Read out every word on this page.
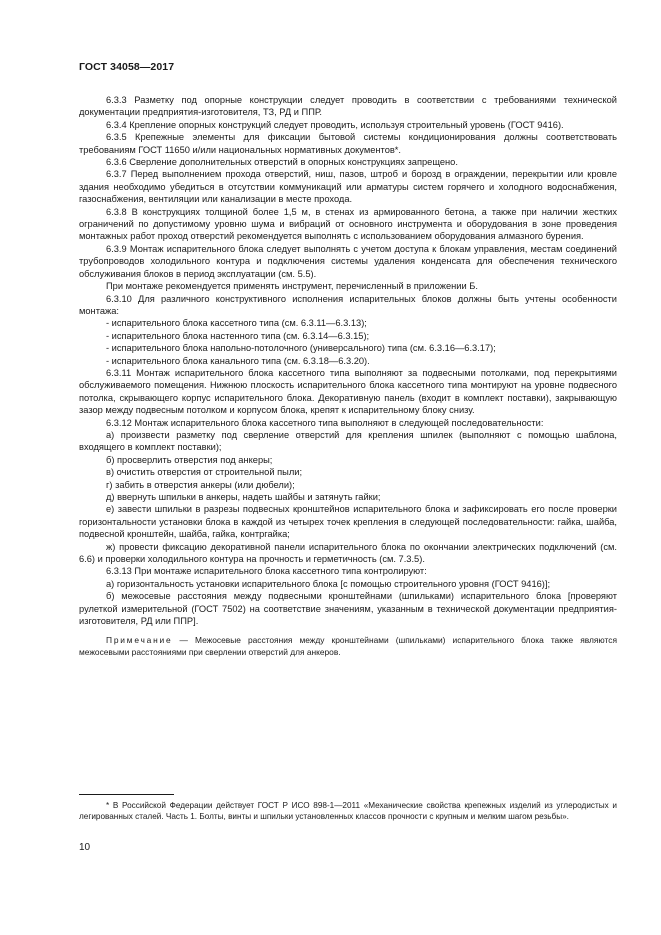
ГОСТ 34058—2017

6.3.3 Разметку под опорные конструкции следует проводить в соответствии с требованиями технической документации предприятия-изготовителя, ТЗ, РД и ППР.

6.3.4 Крепление опорных конструкций следует проводить, используя строительный уровень (ГОСТ 9416).

6.3.5 Крепежные элементы для фиксации бытовой системы кондиционирования должны соответствовать требованиям ГОСТ 11650 и/или национальных нормативных документов*.

6.3.6 Сверление дополнительных отверстий в опорных конструкциях запрещено.

6.3.7 Перед выполнением прохода отверстий, ниш, пазов, штроб и борозд в ограждении, перекрытии или кровле здания необходимо убедиться в отсутствии коммуникаций или арматуры систем горячего и холодного водоснабжения, газоснабжения, вентиляции или канализации в месте прохода.

6.3.8 В конструкциях толщиной более 1,5 м, в стенах из армированного бетона, а также при наличии жестких ограничений по допустимому уровню шума и вибраций от основного инструмента и оборудования в зоне проведения монтажных работ проход отверстий рекомендуется выполнять с использованием оборудования алмазного бурения.

6.3.9 Монтаж испарительного блока следует выполнять с учетом доступа к блокам управления, местам соединений трубопроводов холодильного контура и подключения системы удаления конденсата для обеспечения технического обслуживания блоков в период эксплуатации (см. 5.5).

При монтаже рекомендуется применять инструмент, перечисленный в приложении Б.

6.3.10 Для различного конструктивного исполнения испарительных блоков должны быть учтены особенности монтажа:

- испарительного блока кассетного типа (см. 6.3.11—6.3.13);

- испарительного блока настенного типа (см. 6.3.14—6.3.15);

- испарительного блока напольно-потолочного (универсального) типа (см. 6.3.16—6.3.17);

- испарительного блока канального типа (см. 6.3.18—6.3.20).

6.3.11 Монтаж испарительного блока кассетного типа выполняют за подвесными потолками, под перекрытиями обслуживаемого помещения. Нижнюю плоскость испарительного блока кассетного типа монтируют на уровне подвесного потолка, скрывающего корпус испарительного блока. Декоративную панель (входит в комплект поставки), закрывающую зазор между подвесным потолком и корпусом блока, крепят к испарительному блоку снизу.

6.3.12 Монтаж испарительного блока кассетного типа выполняют в следующей последовательности:

а) произвести разметку под сверление отверстий для крепления шпилек (выполняют с помощью шаблона, входящего в комплект поставки);

б) просверлить отверстия под анкеры;

в) очистить отверстия от строительной пыли;

г) забить в отверстия анкеры (или дюбели);

д) ввернуть шпильки в анкеры, надеть шайбы и затянуть гайки;

е) завести шпильки в разрезы подвесных кронштейнов испарительного блока и зафиксировать его после проверки горизонтальности установки блока в каждой из четырех точек крепления в следующей последовательности: гайка, шайба, подвесной кронштейн, шайба, гайка, контргайка;

ж) провести фиксацию декоративной панели испарительного блока по окончании электрических подключений (см. 6.6) и проверки холодильного контура на прочность и герметичность (см. 7.3.5).

6.3.13 При монтаже испарительного блока кассетного типа контролируют:

а) горизонтальность установки испарительного блока [с помощью строительного уровня (ГОСТ 9416)];

б) межосевые расстояния между подвесными кронштейнами (шпильками) испарительного блока [проверяют рулеткой измерительной (ГОСТ 7502) на соответствие значениям, указанным в технической документации предприятия-изготовителя, РД или ППР].

Примечание — Межосевые расстояния между кронштейнами (шпильками) испарительного блока также являются межосевыми расстояниями при сверлении отверстий для анкеров.

* В Российской Федерации действует ГОСТ Р ИСО 898-1—2011 «Механические свойства крепежных изделий из углеродистых и легированных сталей. Часть 1. Болты, винты и шпильки установленных классов прочности с крупным и мелким шагом резьбы».
10
